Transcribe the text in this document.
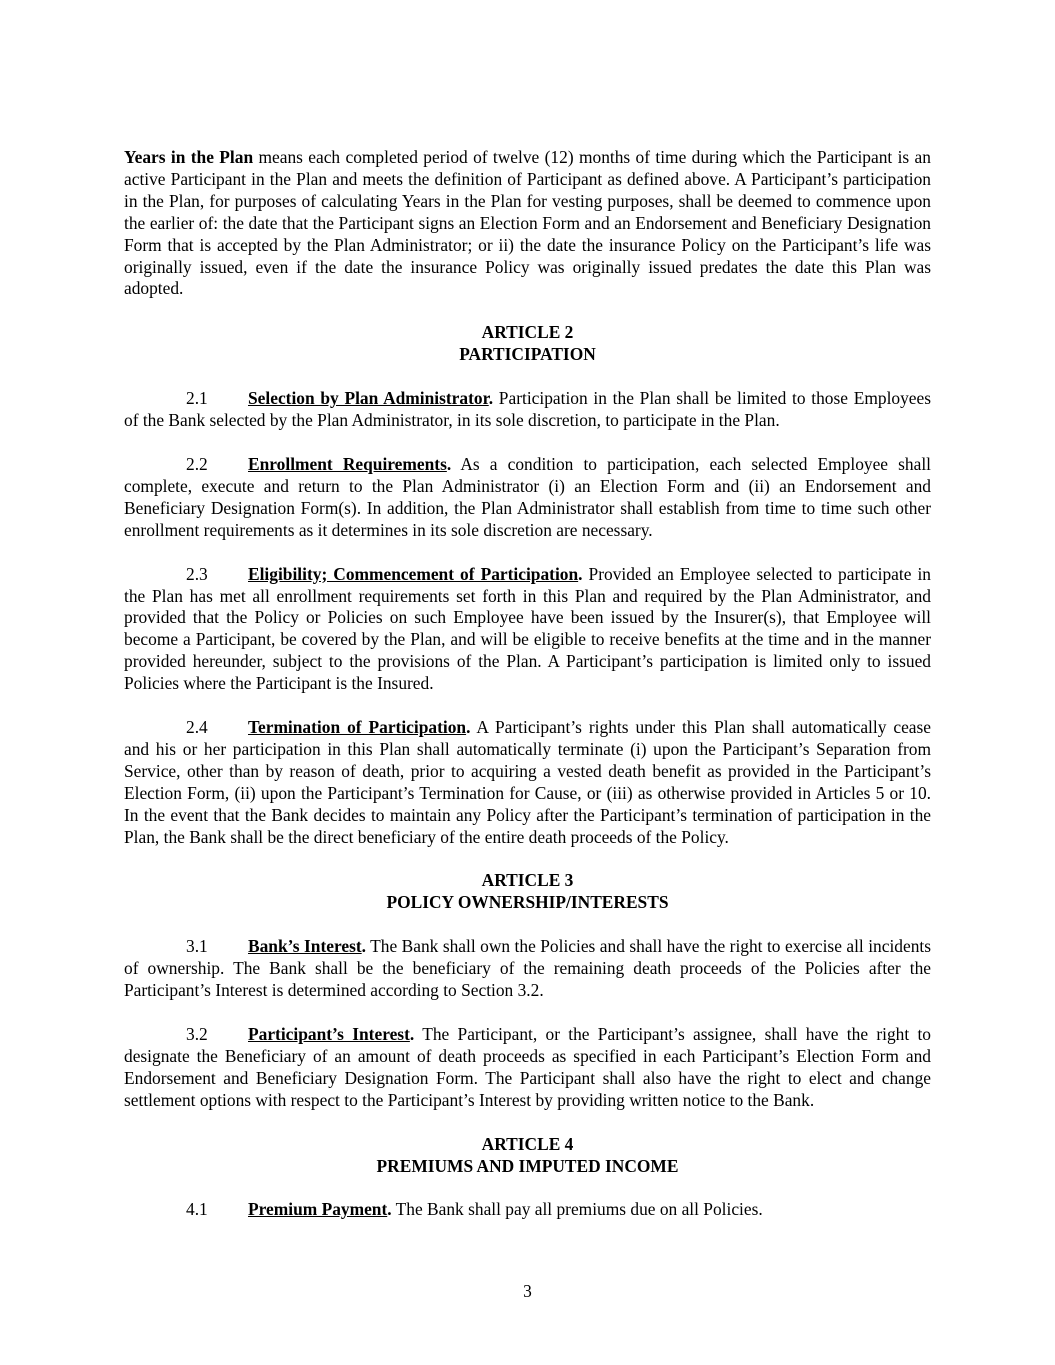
Years in the Plan means each completed period of twelve (12) months of time during which the Participant is an active Participant in the Plan and meets the definition of Participant as defined above. A Participant’s participation in the Plan, for purposes of calculating Years in the Plan for vesting purposes, shall be deemed to commence upon the earlier of: the date that the Participant signs an Election Form and an Endorsement and Beneficiary Designation Form that is accepted by the Plan Administrator; or ii) the date the insurance Policy on the Participant’s life was originally issued, even if the date the insurance Policy was originally issued predates the date this Plan was adopted.

ARTICLE 2
PARTICIPATION

2.1 Selection by Plan Administrator. Participation in the Plan shall be limited to those Employees of the Bank selected by the Plan Administrator, in its sole discretion, to participate in the Plan.

2.2 Enrollment Requirements. As a condition to participation, each selected Employee shall complete, execute and return to the Plan Administrator (i) an Election Form and (ii) an Endorsement and Beneficiary Designation Form(s). In addition, the Plan Administrator shall establish from time to time such other enrollment requirements as it determines in its sole discretion are necessary.

2.3 Eligibility; Commencement of Participation. Provided an Employee selected to participate in the Plan has met all enrollment requirements set forth in this Plan and required by the Plan Administrator, and provided that the Policy or Policies on such Employee have been issued by the Insurer(s), that Employee will become a Participant, be covered by the Plan, and will be eligible to receive benefits at the time and in the manner provided hereunder, subject to the provisions of the Plan. A Participant’s participation is limited only to issued Policies where the Participant is the Insured.

2.4 Termination of Participation. A Participant’s rights under this Plan shall automatically cease and his or her participation in this Plan shall automatically terminate (i) upon the Participant’s Separation from Service, other than by reason of death, prior to acquiring a vested death benefit as provided in the Participant’s Election Form, (ii) upon the Participant’s Termination for Cause, or (iii) as otherwise provided in Articles 5 or 10. In the event that the Bank decides to maintain any Policy after the Participant’s termination of participation in the Plan, the Bank shall be the direct beneficiary of the entire death proceeds of the Policy.

ARTICLE 3
POLICY OWNERSHIP/INTERESTS

3.1 Bank’s Interest. The Bank shall own the Policies and shall have the right to exercise all incidents of ownership. The Bank shall be the beneficiary of the remaining death proceeds of the Policies after the Participant’s Interest is determined according to Section 3.2.

3.2 Participant’s Interest. The Participant, or the Participant’s assignee, shall have the right to designate the Beneficiary of an amount of death proceeds as specified in each Participant’s Election Form and Endorsement and Beneficiary Designation Form. The Participant shall also have the right to elect and change settlement options with respect to the Participant’s Interest by providing written notice to the Bank.

ARTICLE 4
PREMIUMS AND IMPUTED INCOME

4.1 Premium Payment. The Bank shall pay all premiums due on all Policies.

3
